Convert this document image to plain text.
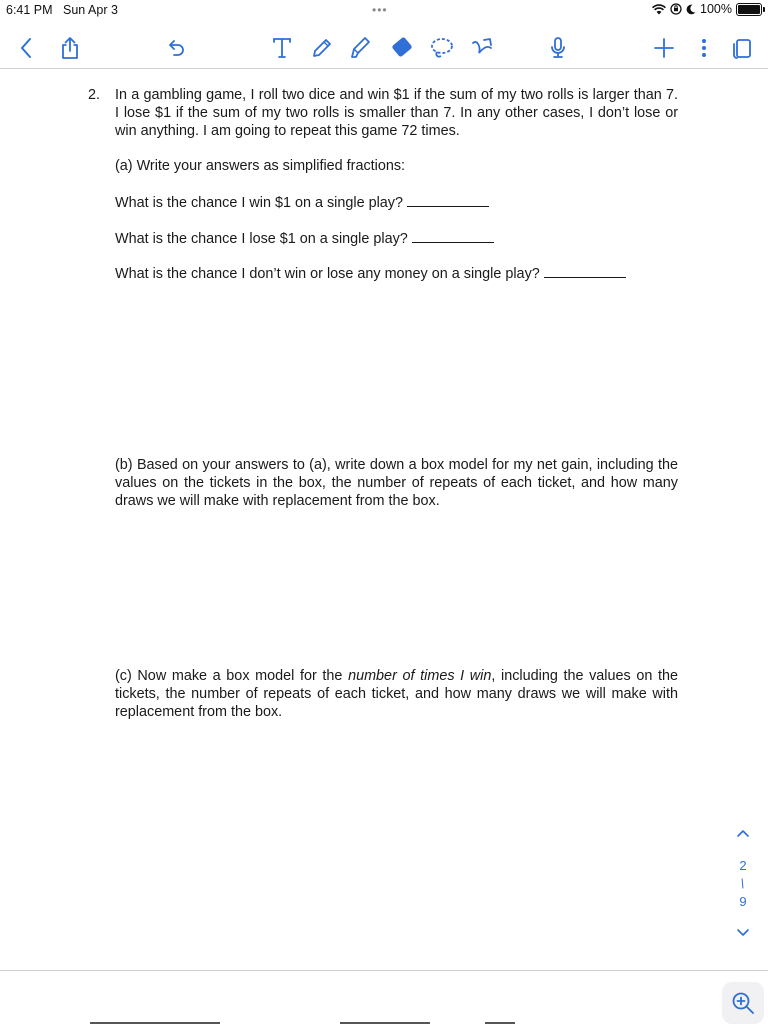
6:41 PM Sun Apr 3	•••	100%
2. In a gambling game, I roll two dice and win $1 if the sum of my two rolls is larger than 7. I lose $1 if the sum of my two rolls is smaller than 7. In any other cases, I don’t lose or win anything. I am going to repeat this game 72 times.
(a) Write your answers as simplified fractions:
What is the chance I win $1 on a single play?
What is the chance I lose $1 on a single play?
What is the chance I don’t win or lose any money on a single play?
(b) Based on your answers to (a), write down a box model for my net gain, including the values on the tickets in the box, the number of repeats of each ticket, and how many draws we will make with replacement from the box.
(c) Now make a box model for the number of times I win, including the values on the tickets, the number of repeats of each ticket, and how many draws we will make with replacement from the box.
2
/
9
